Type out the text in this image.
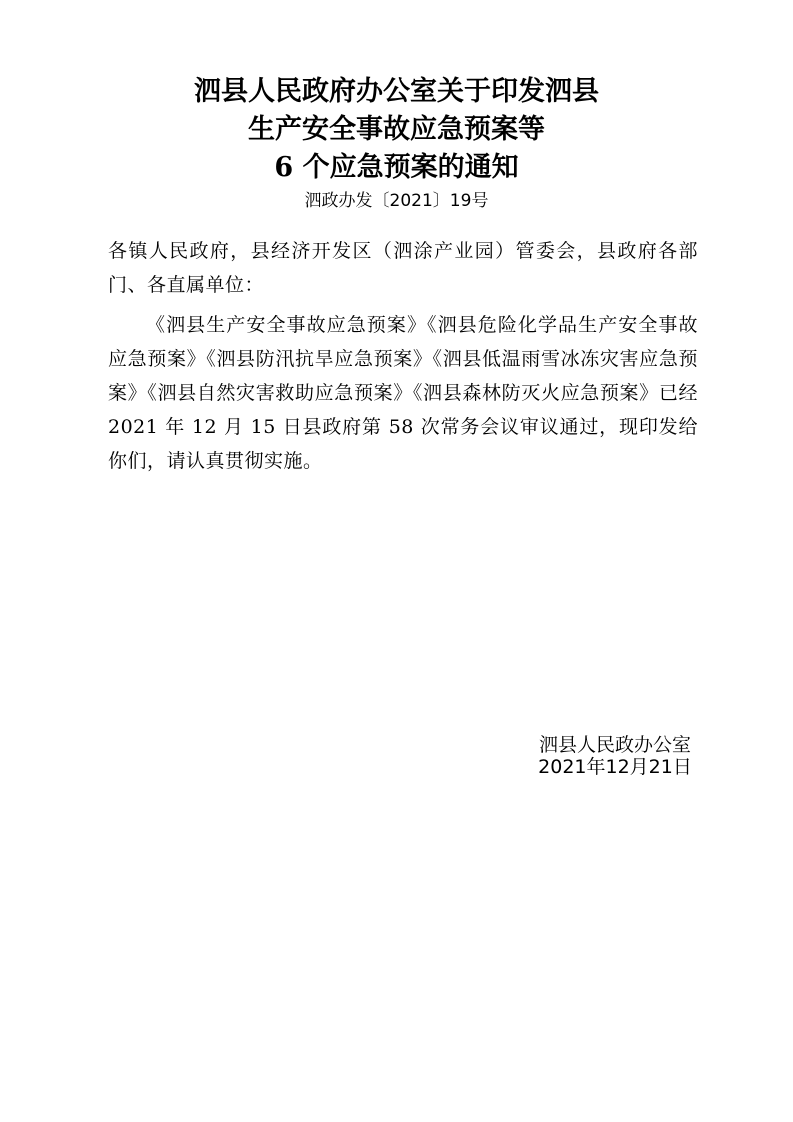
泗县人民政府办公室关于印发泗县
生产安全事故应急预案等
6 个应急预案的通知
泗政办发〔2021〕19号

各镇人民政府，县经济开发区（泗涂产业园）管委会，县政府各部门、各直属单位：

《泗县生产安全事故应急预案》《泗县危险化学品生产安全事故应急预案》《泗县防汛抗旱应急预案》《泗县低温雨雪冰冻灾害应急预案》《泗县自然灾害救助应急预案》《泗县森林防灭火应急预案》已经 2021 年 12 月 15 日县政府第 58 次常务会议审议通过，现印发给你们，请认真贯彻实施。

泗县人民政办公室
2021年12月21日
